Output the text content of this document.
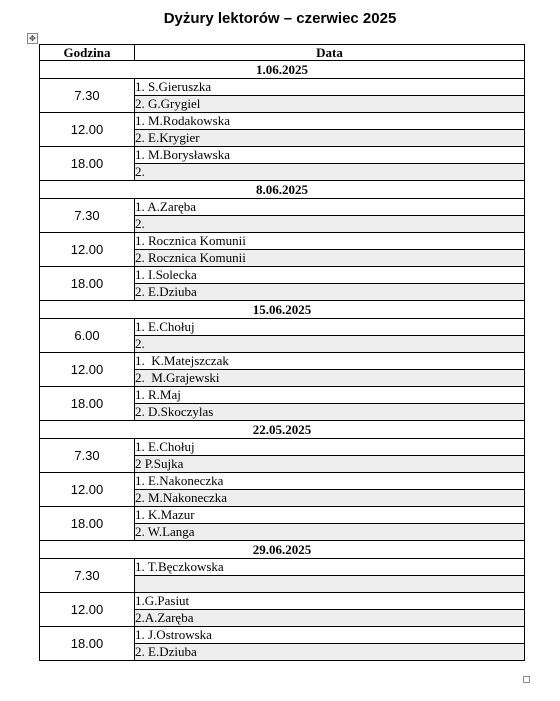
Dyżury lektorów – czerwiec 2025
✥
Godzina	Data
1.06.2025	
7.30	1. S.Gieruszka
	2. G.Grygiel
12.00	1. M.Rodakowska
	2. E.Krygier
18.00	1. M.Borysławska
	2.
8.06.2025	
7.30	1. A.Zaręba
	2.
12.00	1. Rocznica Komunii
	2. Rocznica Komunii
18.00	1. I.Solecka
	2. E.Dziuba
15.06.2025	
6.00	1. E.Chołuj
	2.
12.00	1.  K.Matejszczak
	2.  M.Grajewski
18.00	1. R.Maj
	2. D.Skoczylas
22.05.2025	
7.30	1. E.Chołuj
	2 P.Sujka
12.00	1. E.Nakoneczka
	2. M.Nakoneczka
18.00	1. K.Mazur
	2. W.Langa
29.06.2025	
7.30	1. T.Bęczkowska

12.00	1.G.Pasiut
	2.A.Zaręba
18.00	1. J.Ostrowska
	2. E.Dziuba
